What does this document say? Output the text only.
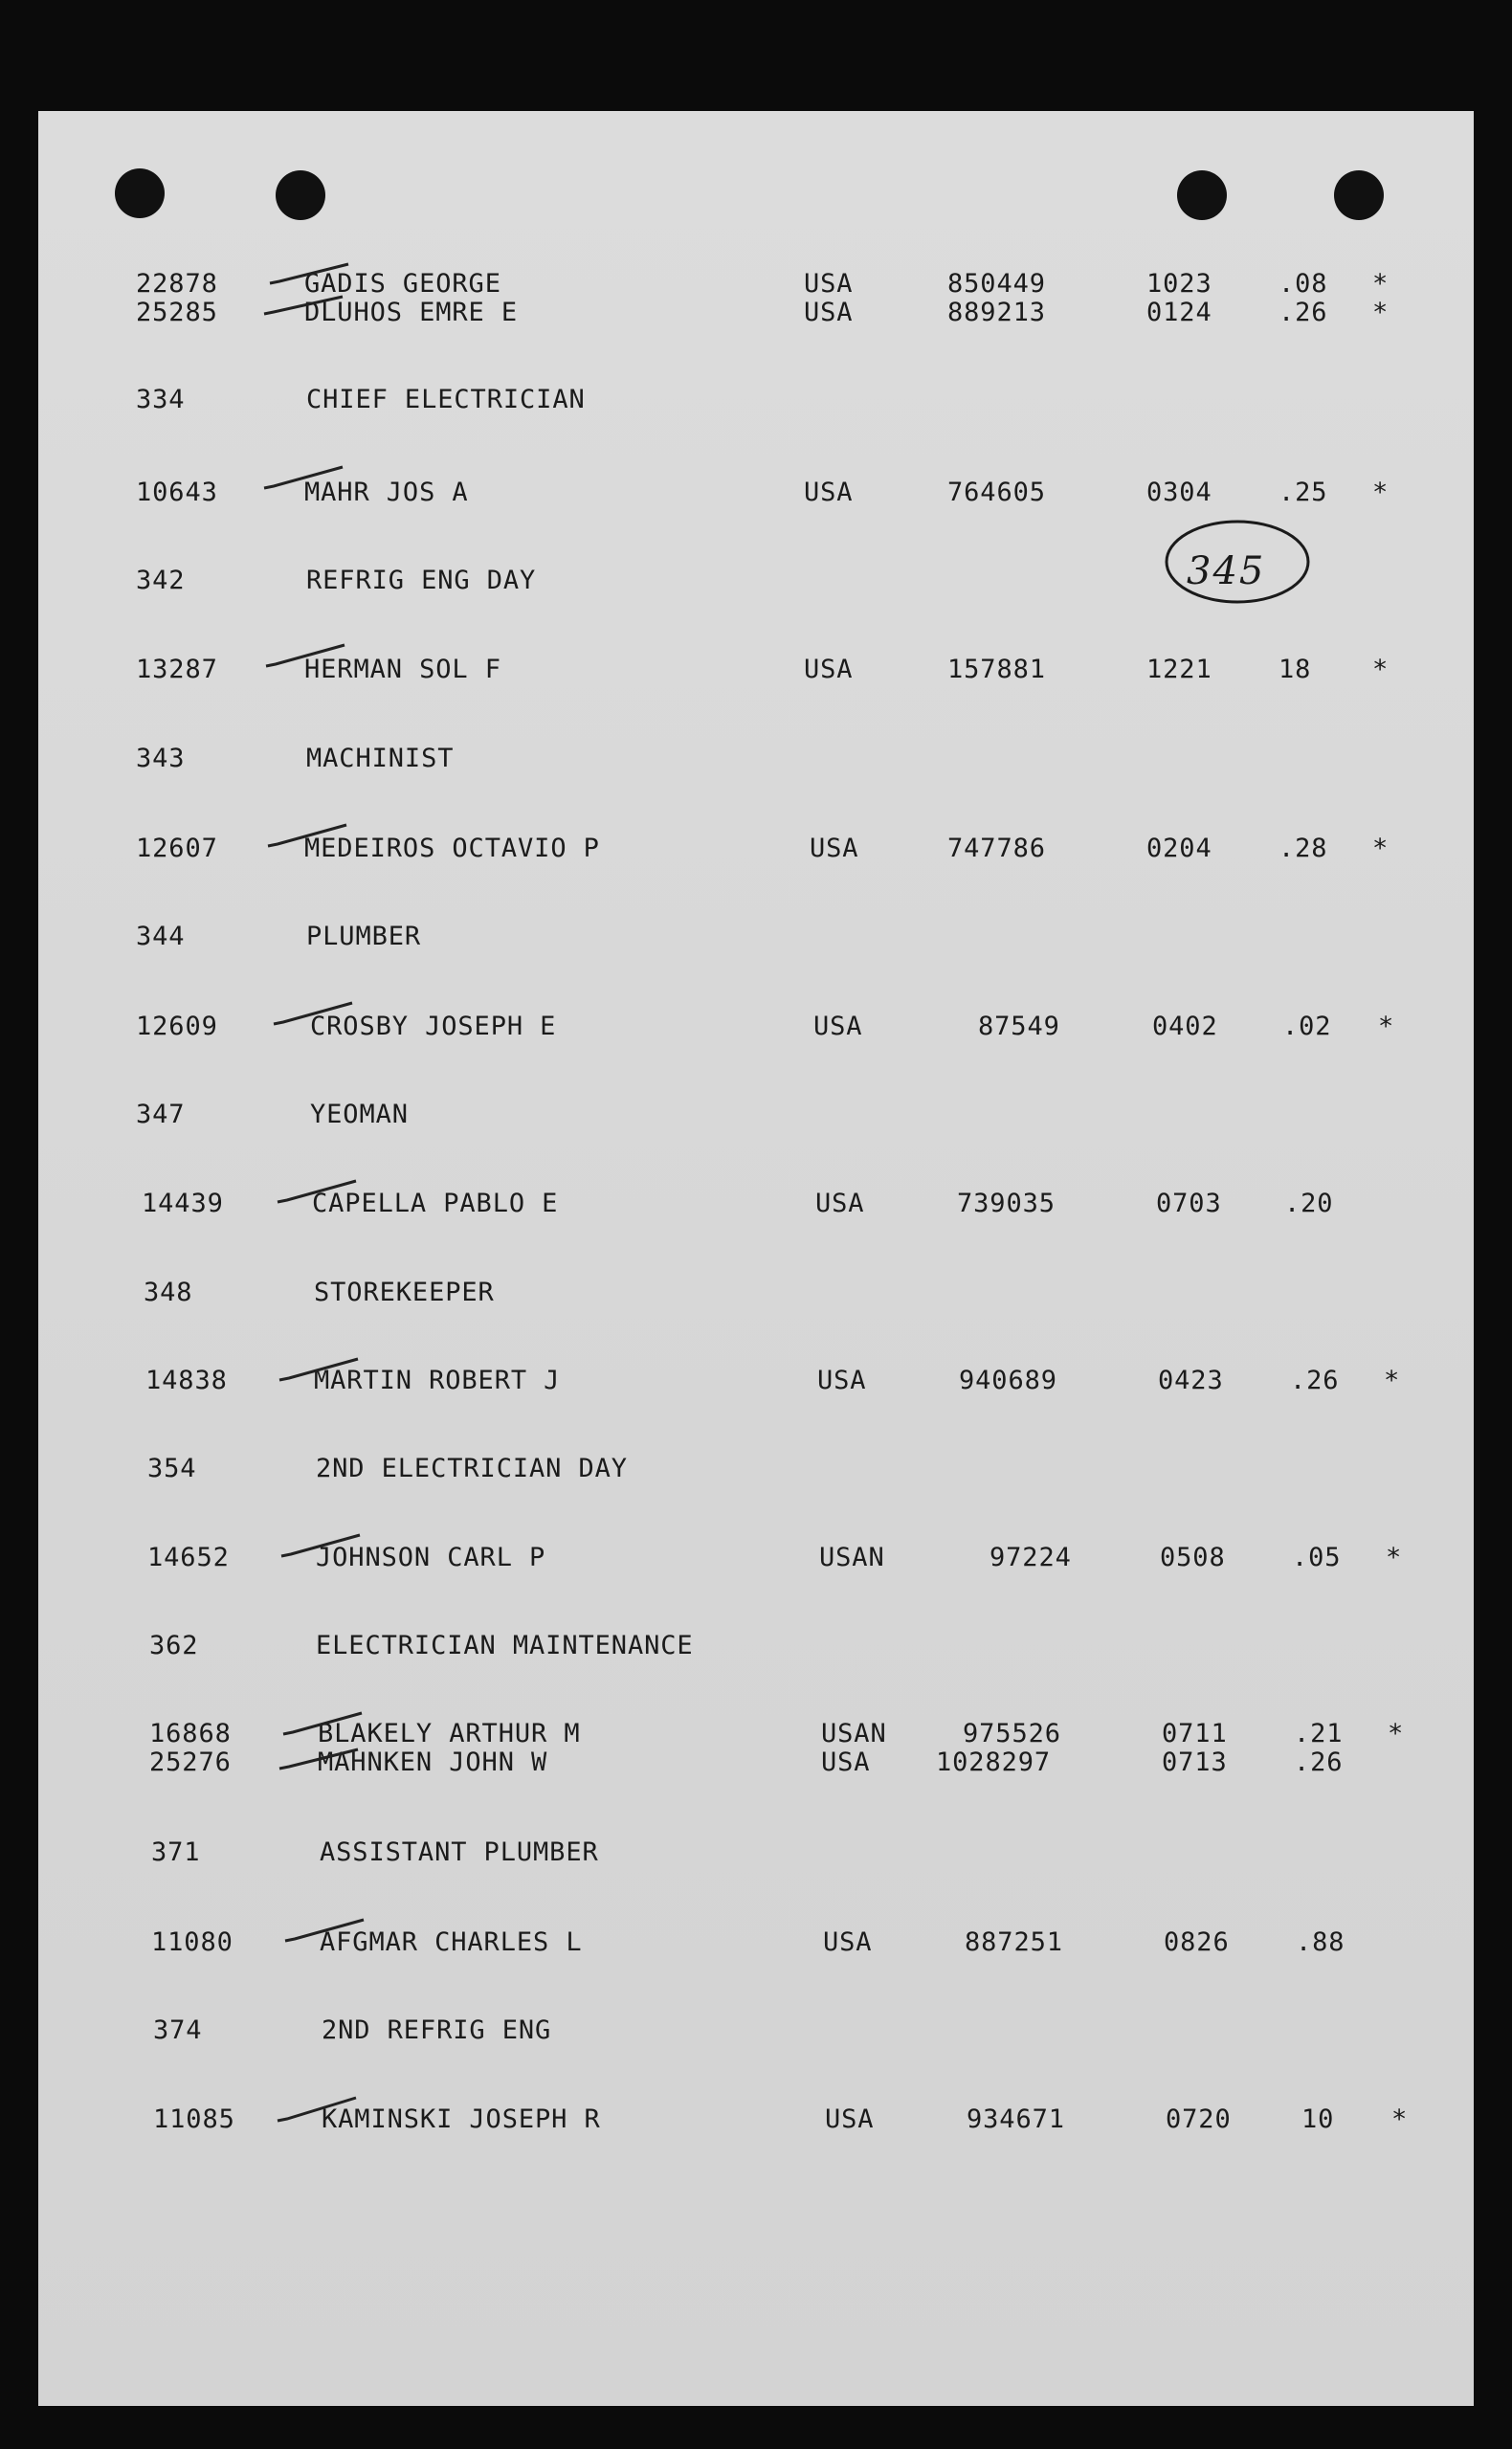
22878	GADIS GEORGE	USA	850449	1023	.08 *
25285	DLUHOS EMRE E	USA	889213	0124	.26 *
334	CHIEF ELECTRICIAN
10643	MAHR JOS A	USA	764605	0304	.25 *
342	REFRIG ENG DAY	345
13287	HERMAN SOL F	USA	157881	1221	18 *
343	MACHINIST
12607	MEDEIROS OCTAVIO P	USA	747786	0204	.28 *
344	PLUMBER
12609	CROSBY JOSEPH E	USA	87549	0402 .02 *
347	YEOMAN
14439	CAPELLA PABLO E	USA	739035	0703 .20
348	STOREKEEPER
14838	MARTIN ROBERT J	USA	940689	0423	.26 *
354	2ND ELECTRICIAN DAY
14652	JOHNSON CARL P	USAN	97224	0508	.05 *
362	ELECTRICIAN MAINTENANCE
16868	BLAKELY ARTHUR M	USAN	975526	0711	.21 *
25276	MAHNKEN JOHN W	USA	1028297	0713	.26
371	ASSISTANT PLUMBER
11080	AFGMAR CHARLES L	USA	887251	0826	.88
374	2ND REFRIG ENG
11085	KAMINSKI JOSEPH R	USA	934671	0720	10 *
